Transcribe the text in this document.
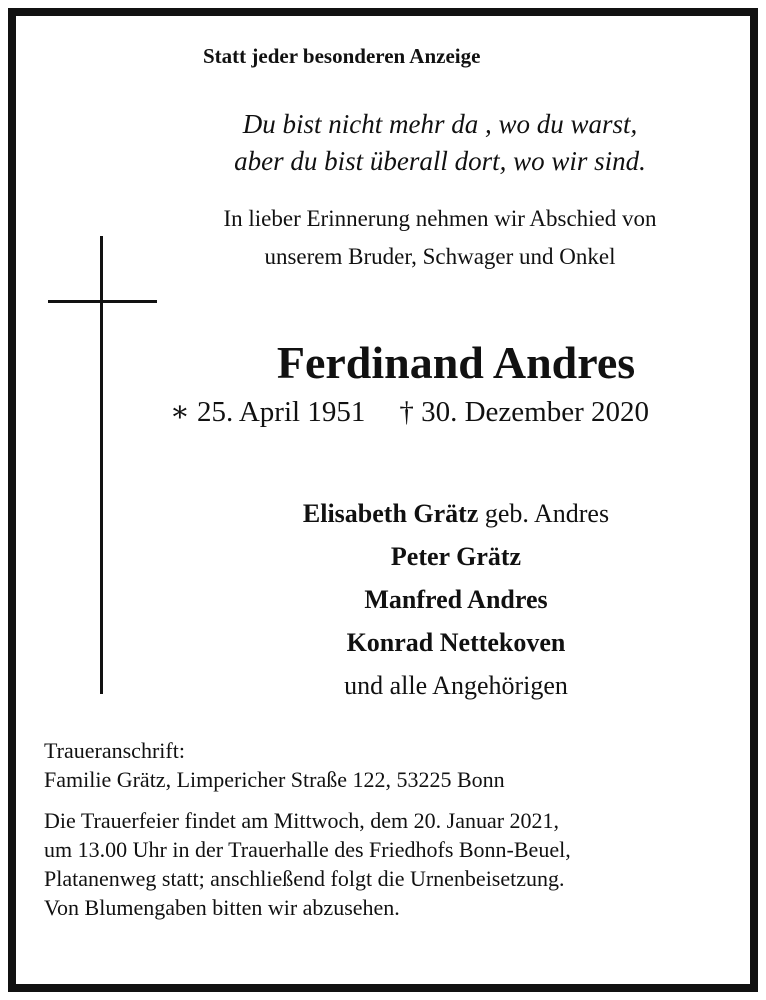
Statt jeder besonderen Anzeige
Du bist nicht mehr da , wo du warst,
aber du bist überall dort, wo wir sind.
In lieber Erinnerung nehmen wir Abschied von
unserem Bruder, Schwager und Onkel
Ferdinand Andres
∗ 25. April 1951 † 30. Dezember 2020
Elisabeth Grätz geb. Andres
Peter Grätz
Manfred Andres
Konrad Nettekoven
und alle Angehörigen
Traueranschrift:
Familie Grätz, Limpericher Straße 122, 53225 Bonn
Die Trauerfeier findet am Mittwoch, dem 20. Januar 2021,
um 13.00 Uhr in der Trauerhalle des Friedhofs Bonn-Beuel,
Platanenweg statt; anschließend folgt die Urnenbeisetzung.
Von Blumengaben bitten wir abzusehen.
